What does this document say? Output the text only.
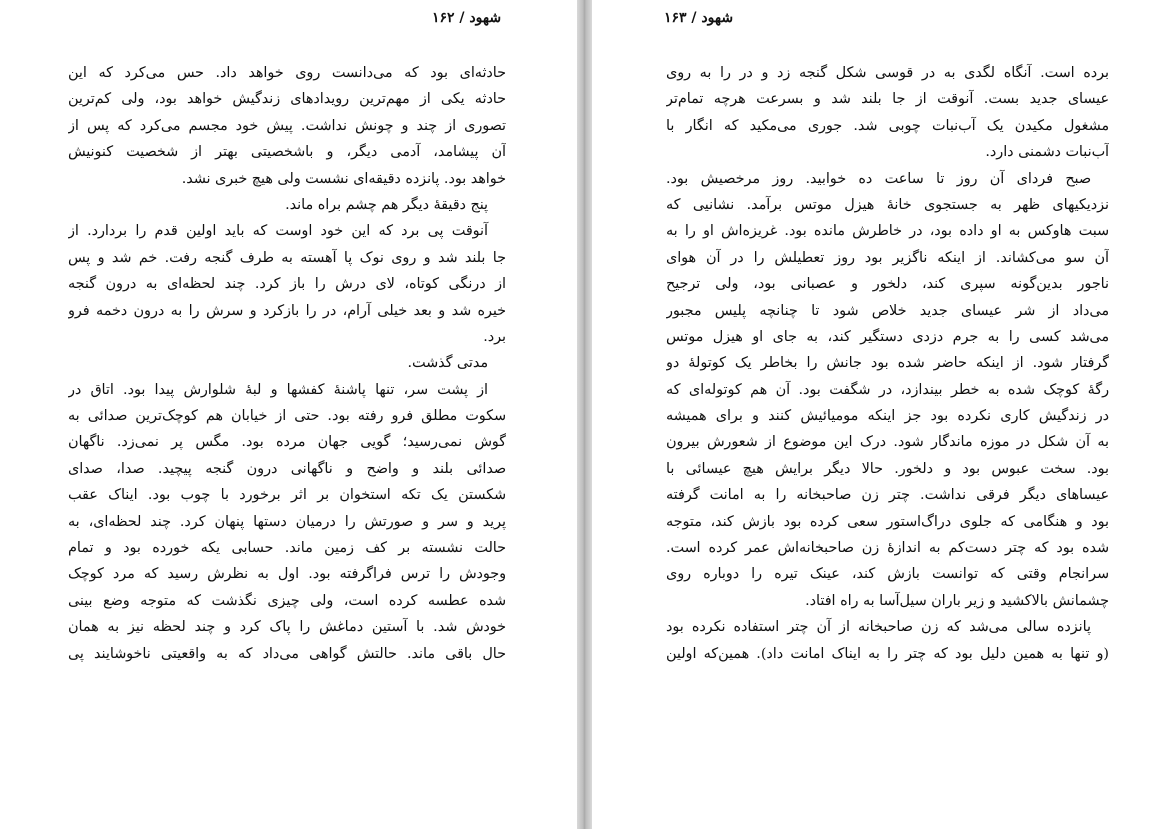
۱۶۲ / شهود
حادثه‌ای بود که می‌دانست روی خواهد داد. حس می‌کرد که این
حادثه یکی از مهم‌ترین رویدادهای زندگیش خواهد بود، ولی کم‌ترین
تصوری از چند و چونش نداشت. پیش خود مجسم می‌کرد که پس از
آن پیشامد، آدمی دیگر، و با‌شخصیتی بهتر از شخصیت کنونیش
خواهد بود. پانزده دقیقه‌ای نشست ولی هیچ خبری نشد.
پنج دقیقهٔ دیگر هم چشم براه ماند.
آنوقت پی برد که این خود اوست که باید اولین قدم را بردارد. از
جا بلند شد و روی نوک پا آهسته به طرف گنجه رفت. خم شد و پس
از درنگی کوتاه، لای درش را باز کرد. چند لحظه‌ای به درون گنجه
خیره شد و بعد خیلی آرام، در را بازکرد و سرش را به درون دخمه فرو
برد.
مدتی گذشت.
از پشت سر، تنها پاشنهٔ کفشها و لبهٔ شلوارش پیدا بود. اتاق در
سکوت مطلق فرو رفته بود. حتی از خیابان هم کوچک‌ترین صدائی به
گوش نمی‌رسید؛ گویی جهان مرده بود. مگس پر نمی‌زد. ناگهان
صدائی بلند و واضح و ناگهانی درون گنجه پیچید. صدا، صدای
شکستن یک تکه استخوان بر اثر برخورد با چوب بود. ایناک عقب
پرید و سر و صورتش را درمیان دستها پنهان کرد. چند لحظه‌ای، به
حالت نشسته بر کف زمین ماند. حسابی یکه خورده بود و تمام
وجودش را ترس فراگرفته بود. اول به نظرش رسید که مرد کوچک
شده عطسه کرده است، ولی چیزی نگذشت که متوجه وضع بینی
خودش شد. با آستین دماغش را پاک کرد و چند لحظه نیز به همان
حال باقی ماند. حالتش گواهی می‌داد که به واقعیتی ناخوشایند پی
شهود / ۱۶۳
برده است. آنگاه لگدی به در قوسی شکل گنجه زد و در را به روی
عیسای جدید بست. آنوقت از جا بلند شد و بسرعت هرچه تمام‌تر
مشغول مکیدن یک آب‌نبات چوبی شد. جوری می‌مکید که انگار با
آب‌نبات دشمنی دارد.
صبح فردای آن روز تا ساعت ده خوابید. روز مرخصیش بود.
نزدیکیهای ظهر به جستجوی خانهٔ هیزل موتس برآمد. نشانیی که
سبت هاوکس به او داده بود، در خاطرش مانده بود. غریزه‌اش او را به
آن سو می‌کشاند. از اینکه ناگزیر بود روز تعطیلش را در آن هوای
ناجور بدین‌گونه سپری کند، دلخور و عصبانی بود، ولی ترجیح
می‌داد از شر عیسای جدید خلاص شود تا چنانچه پلیس مجبور
می‌شد کسی را به جرم دزدی دستگیر کند، به جای او هیزل موتس
گرفتار شود. از اینکه حاضر شده بود جانش را بخاطر یک کوتولهٔ دو
رگهٔ کوچک شده به خطر بیندازد، در شگفت بود. آن هم کوتوله‌ای که
در زندگیش کاری نکرده بود جز اینکه مومیائیش کنند و برای همیشه
به آن شکل در موزه ماندگار شود. درک این موضوع از شعورش بیرون
بود. سخت عبوس بود و دلخور. حالا دیگر برایش هیچ عیسائی با
عیساهای دیگر فرقی نداشت. چتر زن صاحبخانه را به امانت گرفته
بود و هنگامی که جلوی دراگ‌استور سعی کرده بود بازش کند، متوجه
شده بود که چتر دست‌کم به اندازهٔ زن صاحبخانه‌اش عمر کرده است.
سرانجام وقتی که توانست بازش کند، عینک تیره را دوباره روی
چشمانش بالاکشید و زیر باران سیل‌آسا به راه افتاد.
پانزده سالی می‌شد که زن صاحبخانه از آن چتر استفاده نکرده بود
(و تنها به همین دلیل بود که چتر را به ایناک امانت داد). همین‌که اولین
